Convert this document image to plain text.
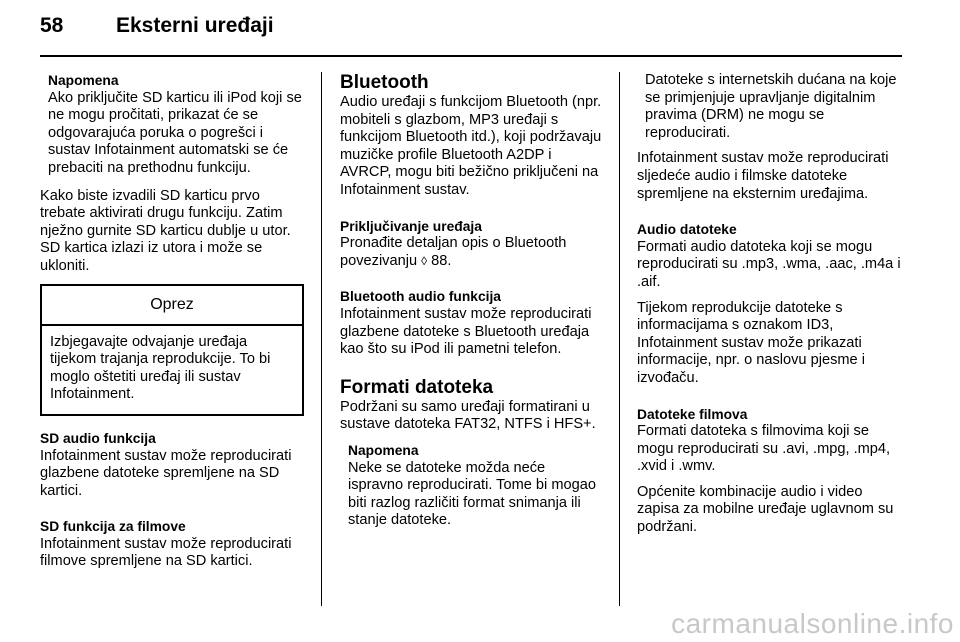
58	Eksterni uređaji
Napomena
Ako priključite SD karticu ili iPod koji se ne mogu pročitati, prikazat će se odgovarajuća poruka o pogrešci i sustav Infotainment automatski se će prebaciti na prethodnu funkciju.

Kako biste izvadili SD karticu prvo trebate aktivirati drugu funkciju. Zatim nježno gurnite SD karticu dublje u utor. SD kartica izlazi iz utora i može se ukloniti.

Oprez
Izbjegavajte odvajanje uređaja tijekom trajanja reprodukcije. To bi moglo oštetiti uređaj ili sustav Infotainment.
SD audio funkcija

Infotainment sustav može reproducirati glazbene datoteke spremljene na SD kartici.

SD funkcija za filmove

Infotainment sustav može reproducirati filmove spremljene na SD kartici.

Bluetooth

Audio uređaji s funkcijom Bluetooth (npr. mobiteli s glazbom, MP3 uređaji s funkcijom Bluetooth itd.), koji podržavaju muzičke profile Bluetooth A2DP i AVRCP, mogu biti bežično priključeni na Infotainment sustav.

Priključivanje uređaja

Pronađite detaljan opis o Bluetooth povezivanju ◊ 88.

Bluetooth audio funkcija

Infotainment sustav može reproducirati glazbene datoteke s Bluetooth uređaja kao što su iPod ili pametni telefon.

Formati datoteka

Podržani su samo uređaji formatirani u sustave datoteka FAT32, NTFS i HFS+.

Napomena
Neke se datoteke možda neće ispravno reproducirati. Tome bi mogao biti razlog različiti format snimanja ili stanje datoteke.

Datoteke s internetskih dućana na koje se primjenjuje upravljanje digitalnim pravima (DRM) ne mogu se reproducirati.

Infotainment sustav može reproducirati sljedeće audio i filmske datoteke spremljene na eksternim uređajima.

Audio datoteke

Formati audio datoteka koji se mogu reproducirati su .mp3, .wma, .aac, .m4a i .aif.

Tijekom reprodukcije datoteke s informacijama s oznakom ID3, Infotainment sustav može prikazati informacije, npr. o naslovu pjesme i izvođaču.

Datoteke filmova

Formati datoteka s filmovima koji se mogu reproducirati su .avi, .mpg, .mp4, .xvid i .wmv.

Općenite kombinacije audio i video zapisa za mobilne uređaje uglavnom su podržani.

carmanualsonline.info
